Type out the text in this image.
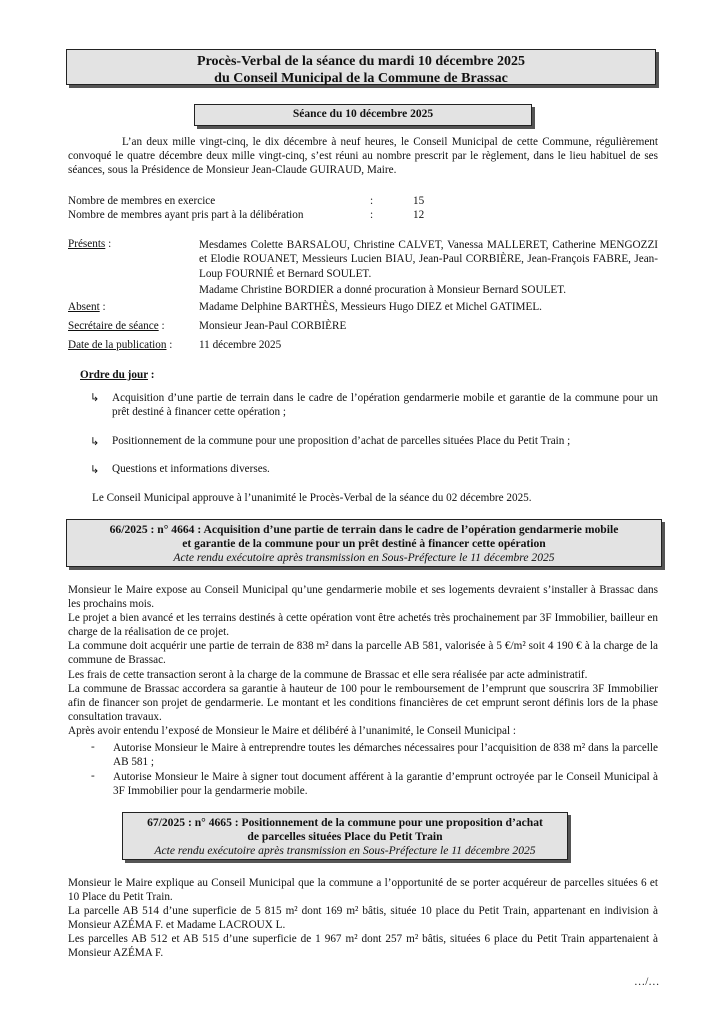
Procès-Verbal de la séance du mardi 10 décembre 2025
du Conseil Municipal de la Commune de Brassac
Séance du 10 décembre 2025
L’an deux mille vingt-cinq, le dix décembre à neuf heures, le Conseil Municipal de cette Commune, régulièrement convoqué le quatre décembre deux mille vingt-cinq, s’est réuni au nombre prescrit par le règlement, dans le lieu habituel de ses séances, sous la Présidence de Monsieur Jean-Claude GUIRAUD, Maire.
Nombre de membres en exercice	:	15
Nombre de membres ayant pris part à la délibération	:	12
Présents :	Mesdames Colette BARSALOU, Christine CALVET, Vanessa MALLERET, Catherine MENGOZZI et Elodie ROUANET, Messieurs Lucien BIAU, Jean-Paul CORBIÈRE, Jean-François FABRE, Jean-Loup FOURNIÉ et Bernard SOULET.
Madame Christine BORDIER a donné procuration à Monsieur Bernard SOULET.
Absent :	Madame Delphine BARTHÈS, Messieurs Hugo DIEZ et Michel GATIMEL.
Secrétaire de séance :	Monsieur Jean-Paul CORBIÈRE
Date de la publication : 11 décembre 2025
Ordre du jour :
↳ Acquisition d’une partie de terrain dans le cadre de l’opération gendarmerie mobile et garantie de la commune pour un prêt destiné à financer cette opération ;
↳ Positionnement de la commune pour une proposition d’achat de parcelles situées Place du Petit Train ;
↳ Questions et informations diverses.
Le Conseil Municipal approuve à l’unanimité le Procès-Verbal de la séance du 02 décembre 2025.
66/2025 : n° 4664 : Acquisition d’une partie de terrain dans le cadre de l’opération gendarmerie mobile
et garantie de la commune pour un prêt destiné à financer cette opération
Acte rendu exécutoire après transmission en Sous-Préfecture le 11 décembre 2025
Monsieur le Maire expose au Conseil Municipal qu’une gendarmerie mobile et ses logements devraient s’installer à Brassac dans les prochains mois.
Le projet a bien avancé et les terrains destinés à cette opération vont être achetés très prochainement par 3F Immobilier, bailleur en charge de la réalisation de ce projet.
La commune doit acquérir une partie de terrain de 838 m² dans la parcelle AB 581, valorisée à 5 €/m² soit 4 190 € à la charge de la commune de Brassac.
Les frais de cette transaction seront à la charge de la commune de Brassac et elle sera réalisée par acte administratif.
La commune de Brassac accordera sa garantie à hauteur de 100 pour le remboursement de l’emprunt que souscrira 3F Immobilier afin de financer son projet de gendarmerie. Le montant et les conditions financières de cet emprunt seront définis lors de la phase consultation travaux.
Après avoir entendu l’exposé de Monsieur le Maire et délibéré à l’unanimité, le Conseil Municipal :
- Autorise Monsieur le Maire à entreprendre toutes les démarches nécessaires pour l’acquisition de 838 m² dans la parcelle AB 581 ;
- Autorise Monsieur le Maire à signer tout document afférent à la garantie d’emprunt octroyée par le Conseil Municipal à 3F Immobilier pour la gendarmerie mobile.
67/2025 : n° 4665 : Positionnement de la commune pour une proposition d’achat
de parcelles situées Place du Petit Train
Acte rendu exécutoire après transmission en Sous-Préfecture le 11 décembre 2025
Monsieur le Maire explique au Conseil Municipal que la commune a l’opportunité de se porter acquéreur de parcelles situées 6 et 10 Place du Petit Train.
La parcelle AB 514 d’une superficie de 5 815 m² dont 169 m² bâtis, située 10 place du Petit Train, appartenant en indivision à Monsieur AZÉMA F. et Madame LACROUX L.
Les parcelles AB 512 et AB 515 d’une superficie de 1 967 m² dont 257 m² bâtis, situées 6 place du Petit Train appartenaient à Monsieur AZÉMA F.
…/…
